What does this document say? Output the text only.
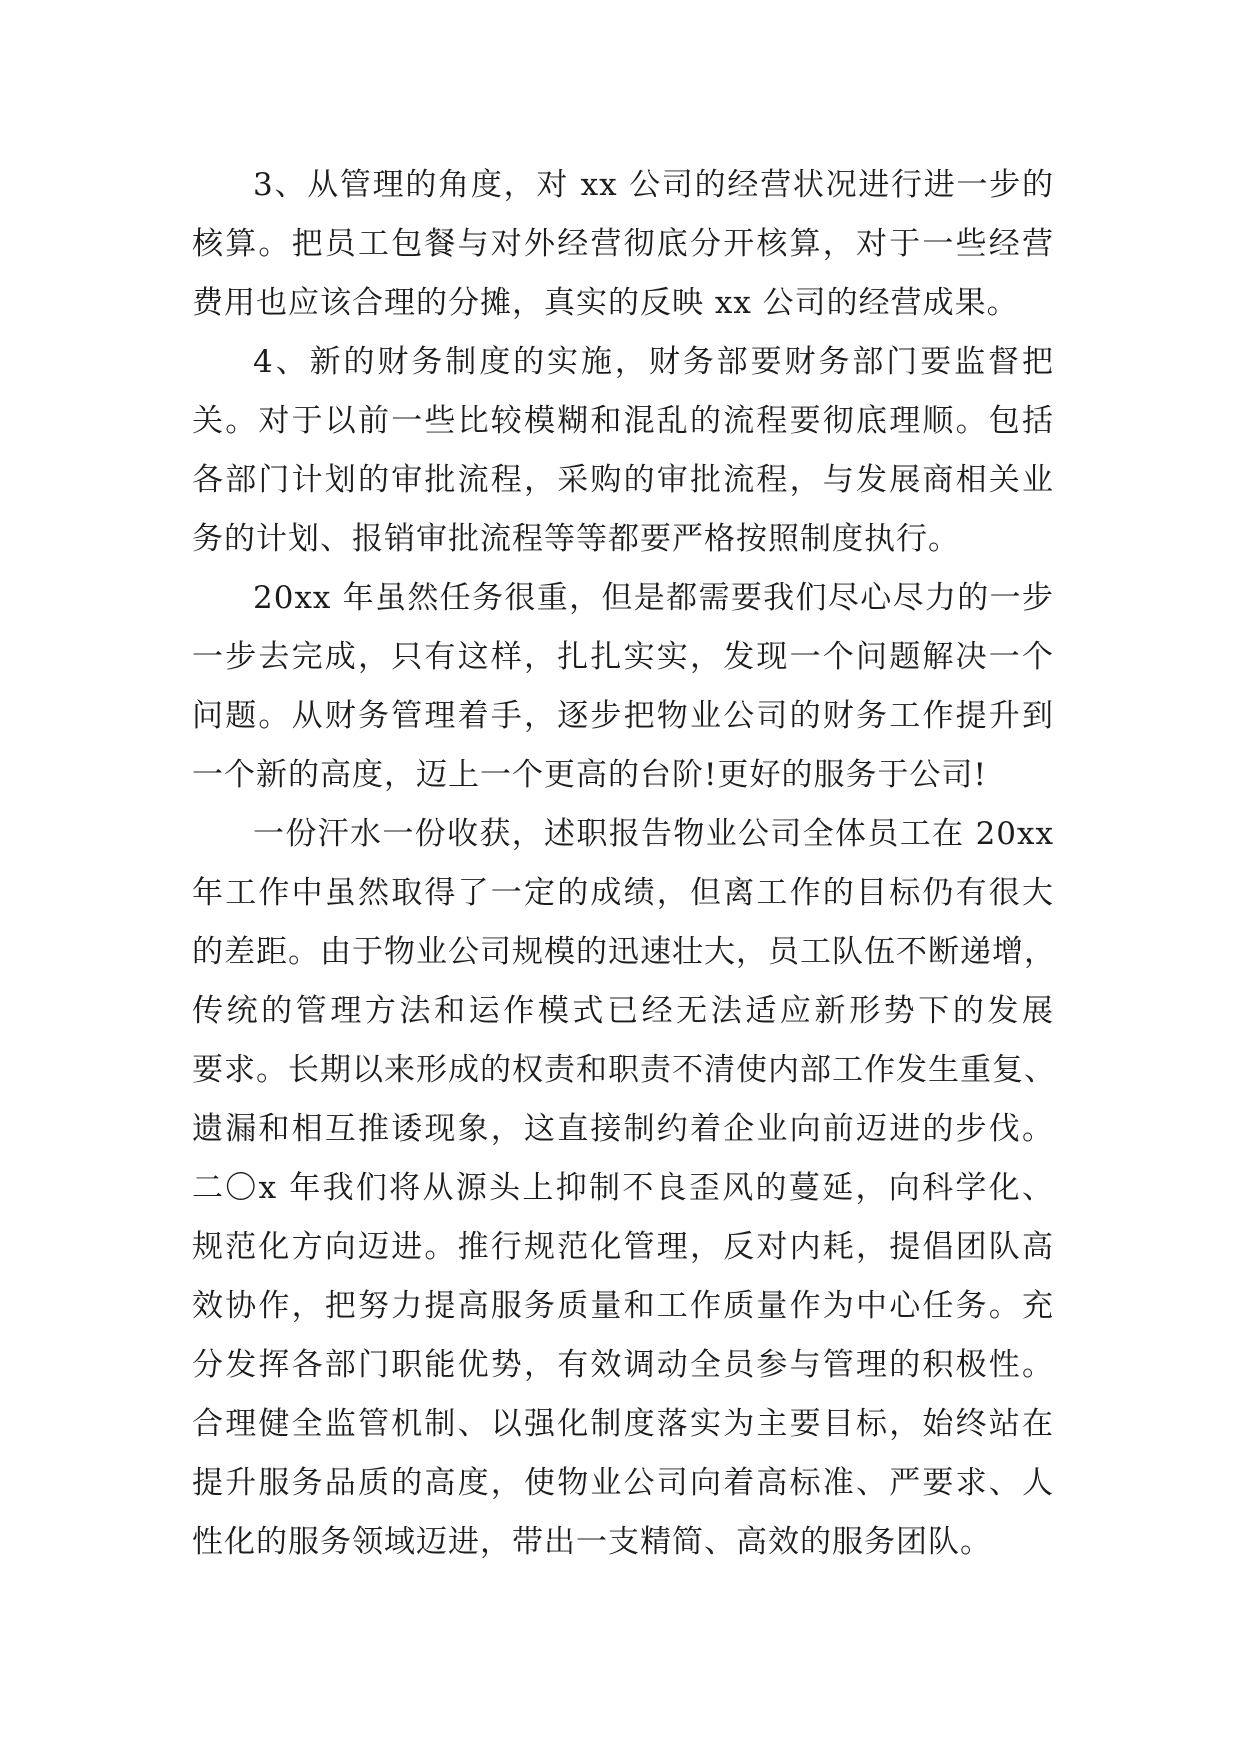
3、从管理的角度，对 xx 公司的经营状况进行进一步的
核算。把员工包餐与对外经营彻底分开核算，对于一些经营
费用也应该合理的分摊，真实的反映 xx 公司的经营成果。
4、新的财务制度的实施，财务部要财务部门要监督把
关。对于以前一些比较模糊和混乱的流程要彻底理顺。包括
各部门计划的审批流程，采购的审批流程，与发展商相关业
务的计划、报销审批流程等等都要严格按照制度执行。
20xx 年虽然任务很重，但是都需要我们尽心尽力的一步
一步去完成，只有这样，扎扎实实，发现一个问题解决一个
问题。从财务管理着手，逐步把物业公司的财务工作提升到
一个新的高度，迈上一个更高的台阶!更好的服务于公司!
一份汗水一份收获，述职报告物业公司全体员工在 20xx
年工作中虽然取得了一定的成绩，但离工作的目标仍有很大
的差距。由于物业公司规模的迅速壮大，员工队伍不断递增，
传统的管理方法和运作模式已经无法适应新形势下的发展
要求。长期以来形成的权责和职责不清使内部工作发生重复、
遗漏和相互推诿现象，这直接制约着企业向前迈进的步伐。
二〇x 年我们将从源头上抑制不良歪风的蔓延，向科学化、
规范化方向迈进。推行规范化管理，反对内耗，提倡团队高
效协作，把努力提高服务质量和工作质量作为中心任务。充
分发挥各部门职能优势，有效调动全员参与管理的积极性。
合理健全监管机制、以强化制度落实为主要目标，始终站在
提升服务品质的高度，使物业公司向着高标准、严要求、人
性化的服务领域迈进，带出一支精简、高效的服务团队。
